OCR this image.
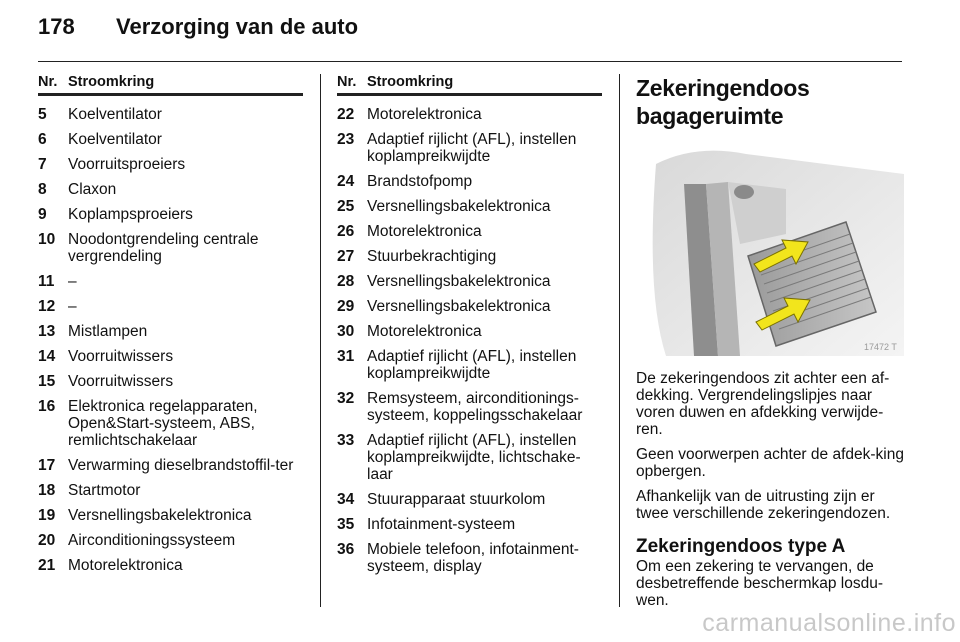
178 Verzorging van de auto
Nr. Stroomkring
5	Koelventilator
6	Koelventilator
7	Voorruitsproeiers
8	Claxon
9	Koplampsproeiers
10 Noodontgrendeling centrale vergrendeling
11 –
12 –
13 Mistlampen
14 Voorruitwissers
15 Voorruitwissers
16 Elektronica regelapparaten, Open&Start-systeem, ABS, remlichtschakelaar
17 Verwarming dieselbrandstoffil-ter
18 Startmotor
19 Versnellingsbakelektronica
20 Airconditioningssysteem
21 Motorelektronica
Nr. Stroomkring
22 Motorelektronica
23 Adaptief rijlicht (AFL), instellen koplampreikwijdte
24 Brandstofpomp
25 Versnellingsbakelektronica
26 Motorelektronica
27 Stuurbekrachtiging
28 Versnellingsbakelektronica
29 Versnellingsbakelektronica
30 Motorelektronica
31 Adaptief rijlicht (AFL), instellen koplampreikwijdte
32 Remsysteem, airconditionings-systeem, koppelingsschakelaar
33 Adaptief rijlicht (AFL), instellen koplampreikwijdte, lichtschake-laar
34 Stuurapparaat stuurkolom
35 Infotainment-systeem
36 Mobiele telefoon, infotainment-systeem, display
Zekeringendoos bagageruimte
17472 T
De zekeringendoos zit achter een af-dekking. Vergrendelingslipjes naar voren duwen en afdekking verwijde-ren.
Geen voorwerpen achter de afdek-king opbergen.
Afhankelijk van de uitrusting zijn er twee verschillende zekeringendozen.
Zekeringendoos type A
Om een zekering te vervangen, de desbetreffende beschermkap losdu-wen.
carmanualsonline.info
